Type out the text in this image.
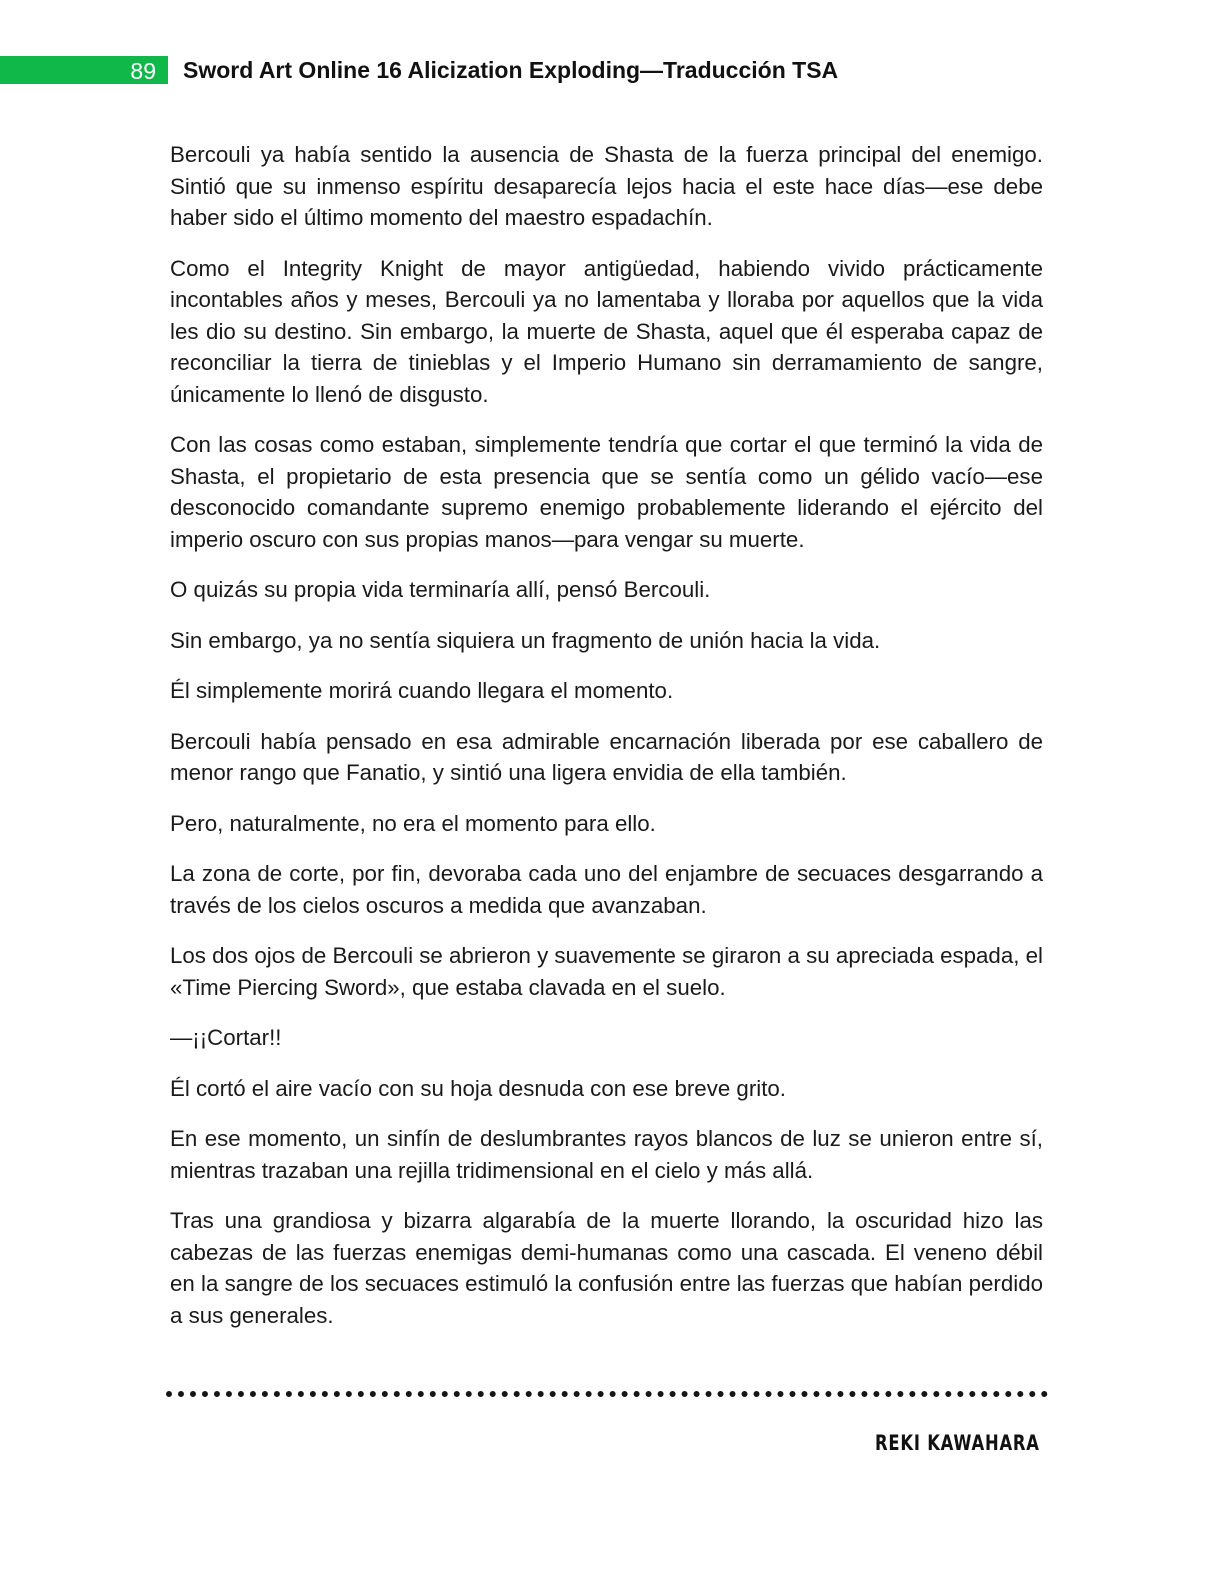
89 Sword Art Online 16 Alicization Exploding—Traducción TSA

Bercouli ya había sentido la ausencia de Shasta de la fuerza principal del enemigo. Sintió que su inmenso espíritu desaparecía lejos hacia el este hace días—ese debe haber sido el último momento del maestro espadachín.

Como el Integrity Knight de mayor antigüedad, habiendo vivido prácticamente incontables años y meses, Bercouli ya no lamentaba y lloraba por aquellos que la vida les dio su destino. Sin embargo, la muerte de Shasta, aquel que él esperaba capaz de reconciliar la tierra de tinieblas y el Imperio Humano sin derramamiento de sangre, únicamente lo llenó de disgusto.

Con las cosas como estaban, simplemente tendría que cortar el que terminó la vida de Shasta, el propietario de esta presencia que se sentía como un gélido vacío—ese desconocido comandante supremo enemigo probablemente liderando el ejército del imperio oscuro con sus propias manos—para vengar su muerte.

O quizás su propia vida terminaría allí, pensó Bercouli.

Sin embargo, ya no sentía siquiera un fragmento de unión hacia la vida.

Él simplemente morirá cuando llegara el momento.

Bercouli había pensado en esa admirable encarnación liberada por ese caballero de menor rango que Fanatio, y sintió una ligera envidia de ella también.

Pero, naturalmente, no era el momento para ello.

La zona de corte, por fin, devoraba cada uno del enjambre de secuaces desgarrando a través de los cielos oscuros a medida que avanzaban.

Los dos ojos de Bercouli se abrieron y suavemente se giraron a su apreciada espada, el «Time Piercing Sword», que estaba clavada en el suelo.

—¡¡Cortar!!

Él cortó el aire vacío con su hoja desnuda con ese breve grito.

En ese momento, un sinfín de deslumbrantes rayos blancos de luz se unieron entre sí, mientras trazaban una rejilla tridimensional en el cielo y más allá.

Tras una grandiosa y bizarra algarabía de la muerte llorando, la oscuridad hizo las cabezas de las fuerzas enemigas demi-humanas como una cascada. El veneno débil en la sangre de los secuaces estimuló la confusión entre las fuerzas que habían perdido a sus generales.

REKI KAWAHARA
